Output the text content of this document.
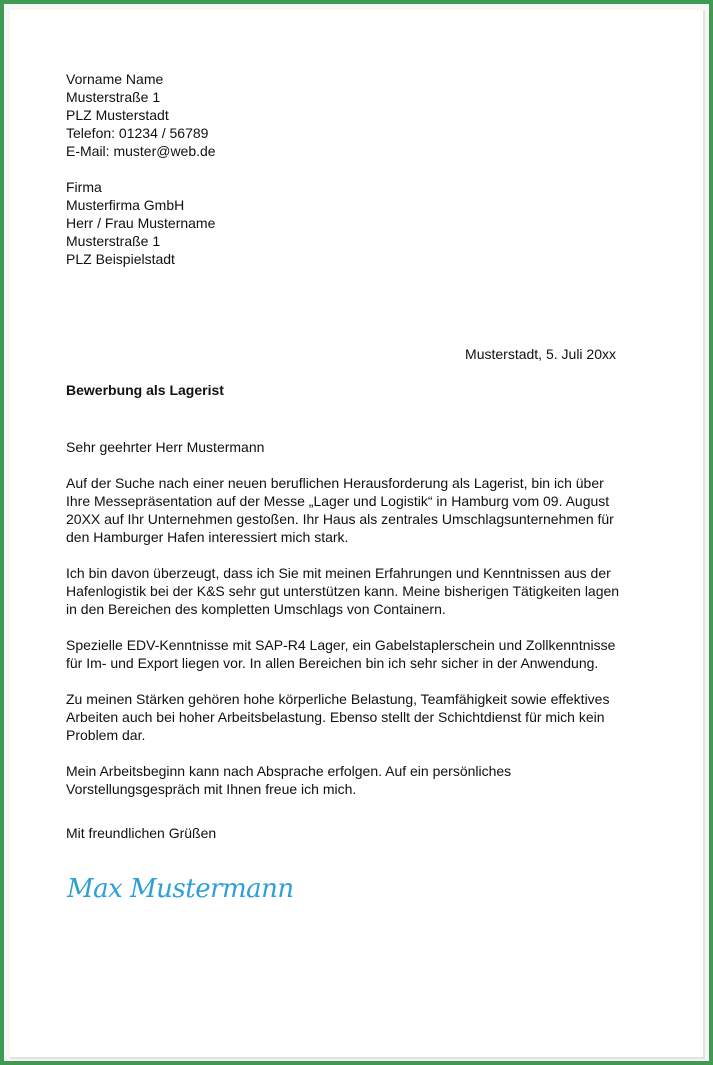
Vorname Name
Musterstraße 1
PLZ Musterstadt
Telefon: 01234 / 56789
E-Mail: muster@web.de
Firma
Musterfirma GmbH
Herr / Frau Mustername
Musterstraße 1
PLZ Beispielstadt
Musterstadt, 5. Juli 20xx
Bewerbung als Lagerist

Sehr geehrter Herr Mustermann

Auf der Suche nach einer neuen beruflichen Herausforderung als Lagerist, bin ich über
Ihre Messepräsentation auf der Messe „Lager und Logistik“ in Hamburg vom 09. August
20XX auf Ihr Unternehmen gestoßen. Ihr Haus als zentrales Umschlagsunternehmen für
den Hamburger Hafen interessiert mich stark.

Ich bin davon überzeugt, dass ich Sie mit meinen Erfahrungen und Kenntnissen aus der
Hafenlogistik bei der K&S sehr gut unterstützen kann. Meine bisherigen Tätigkeiten lagen
in den Bereichen des kompletten Umschlags von Containern.

Spezielle EDV-Kenntnisse mit SAP-R4 Lager, ein Gabelstaplerschein und Zollkenntnisse
für Im- und Export liegen vor. In allen Bereichen bin ich sehr sicher in der Anwendung.

Zu meinen Stärken gehören hohe körperliche Belastung, Teamfähigkeit sowie effektives
Arbeiten auch bei hoher Arbeitsbelastung. Ebenso stellt der Schichtdienst für mich kein
Problem dar.

Mein Arbeitsbeginn kann nach Absprache erfolgen. Auf ein persönliches
Vorstellungsgespräch mit Ihnen freue ich mich.

Mit freundlichen Grüßen

Max Mustermann
